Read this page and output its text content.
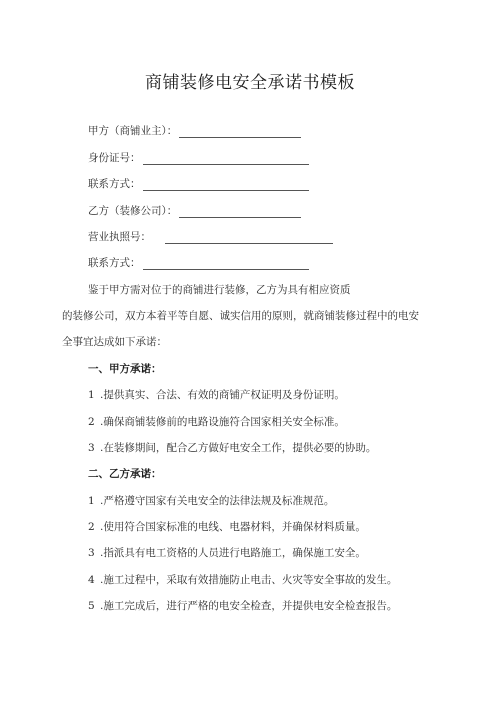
商铺装修电安全承诺书模板
甲方（商铺业主）：
身份证号：
联系方式：
乙方（装修公司）：
营业执照号：
联系方式：
鉴于甲方需对位于的商铺进行装修，乙方为具有相应资质
的装修公司，双方本着平等自愿、诚实信用的原则，就商铺装修过程中的电安
全事宜达成如下承诺：
一、甲方承诺：
1 .提供真实、合法、有效的商铺产权证明及身份证明。
2 .确保商铺装修前的电路设施符合国家相关安全标准。
3 .在装修期间，配合乙方做好电安全工作，提供必要的协助。
二、乙方承诺：
1 .严格遵守国家有关电安全的法律法规及标准规范。
2 .使用符合国家标准的电线、电器材料，并确保材料质量。
3 .指派具有电工资格的人员进行电路施工，确保施工安全。
4 .施工过程中，采取有效措施防止电击、火灾等安全事故的发生。
5 .施工完成后，进行严格的电安全检查，并提供电安全检查报告。
